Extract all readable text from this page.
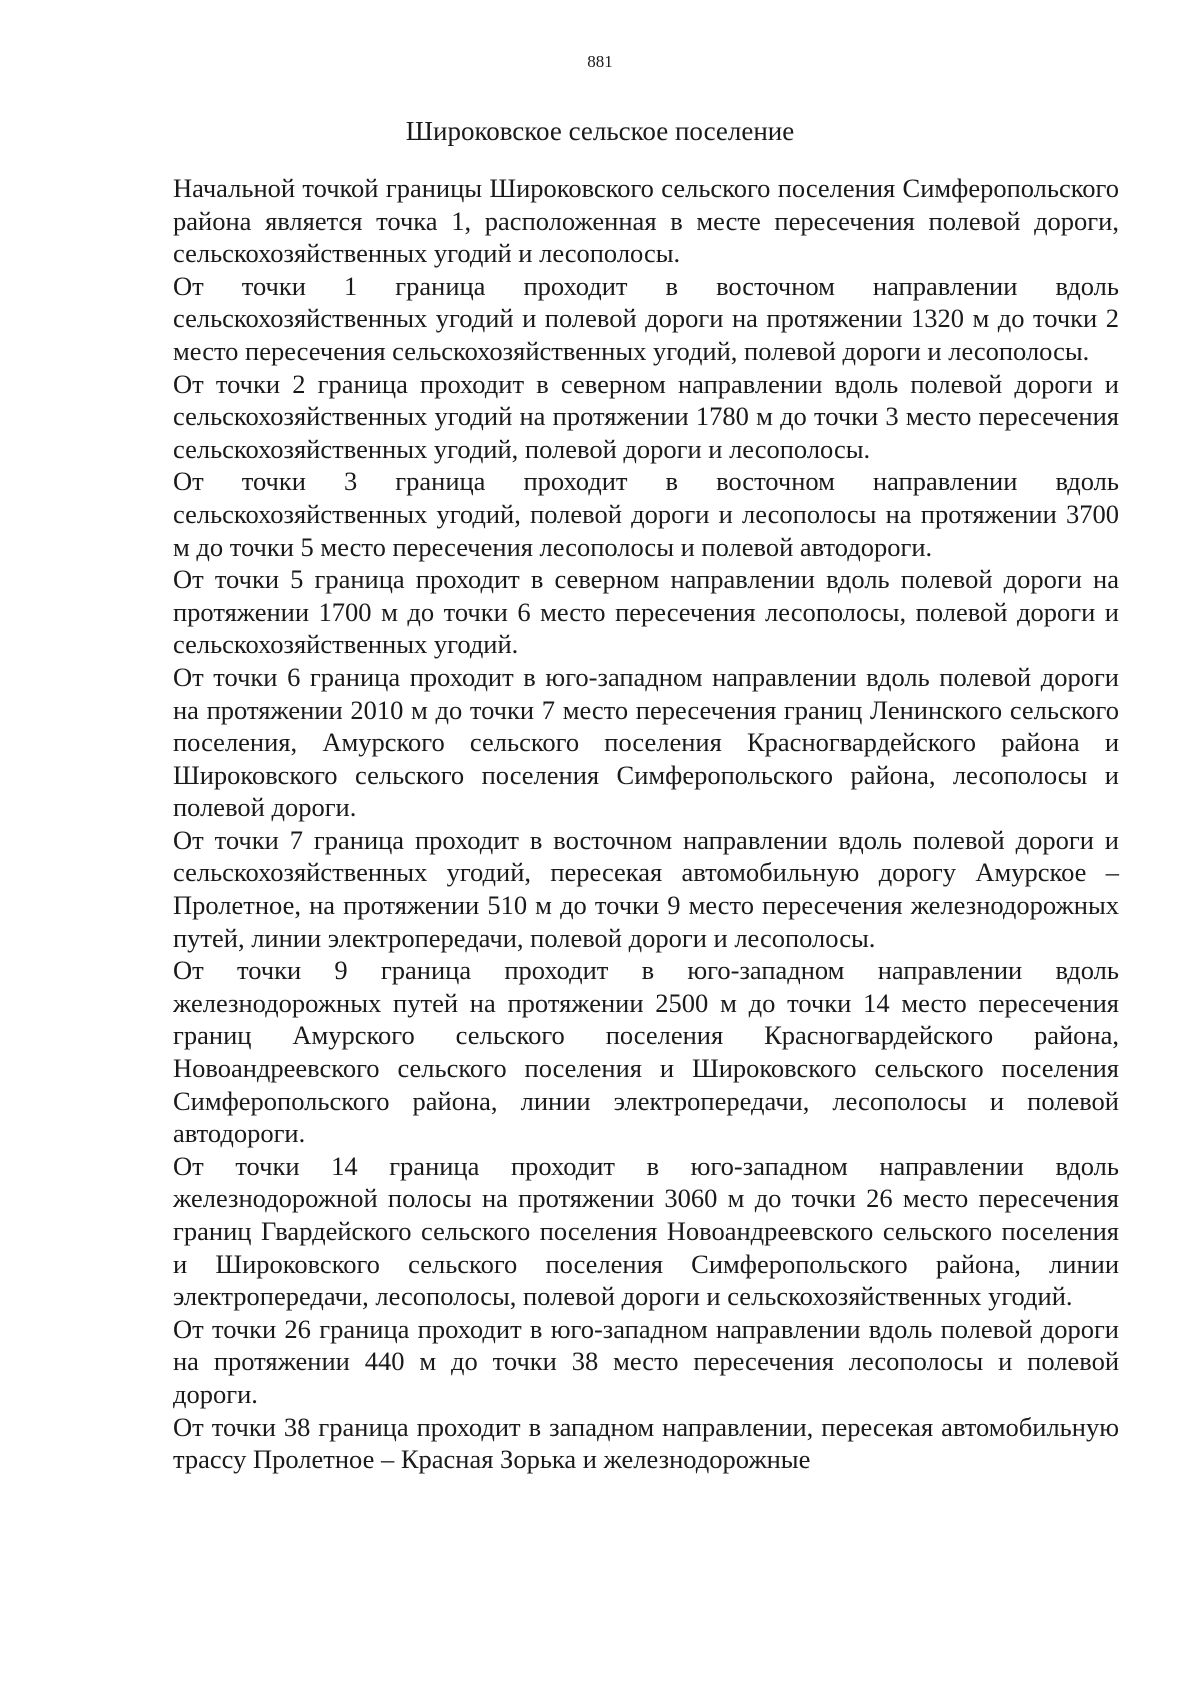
881
Широковское сельское поселение

Начальной точкой границы Широковского сельского поселения Симферопольского района является точка 1, расположенная в месте пересечения полевой дороги, сельскохозяйственных угодий и лесополосы.

От точки 1 граница проходит в восточном направлении вдоль сельскохозяйственных угодий и полевой дороги на протяжении 1320 м до точки 2 место пересечения сельскохозяйственных угодий, полевой дороги и лесополосы.

От точки 2 граница проходит в северном направлении вдоль полевой дороги и сельскохозяйственных угодий на протяжении 1780 м до точки 3 место пересечения сельскохозяйственных угодий, полевой дороги и лесополосы.

От точки 3 граница проходит в восточном направлении вдоль сельскохозяйственных угодий, полевой дороги и лесополосы на протяжении 3700 м до точки 5 место пересечения лесополосы и полевой автодороги.

От точки 5 граница проходит в северном направлении вдоль полевой дороги на протяжении 1700 м до точки 6 место пересечения лесополосы, полевой дороги и сельскохозяйственных угодий.

От точки 6 граница проходит в юго-западном направлении вдоль полевой дороги на протяжении 2010 м до точки 7 место пересечения границ Ленинского сельского поселения, Амурского сельского поселения Красногвардейского района и Широковского сельского поселения Симферопольского района, лесополосы и полевой дороги.

От точки 7 граница проходит в восточном направлении вдоль полевой дороги и сельскохозяйственных угодий, пересекая автомобильную дорогу Амурское – Пролетное, на протяжении 510 м до точки 9 место пересечения железнодорожных путей, линии электропередачи, полевой дороги и лесополосы.

От точки 9 граница проходит в юго-западном направлении вдоль железнодорожных путей на протяжении 2500 м до точки 14 место пересечения границ Амурского сельского поселения Красногвардейского района, Новоандреевского сельского поселения и Широковского сельского поселения Симферопольского района, линии электропередачи, лесополосы и полевой автодороги.

От точки 14 граница проходит в юго-западном направлении вдоль железнодорожной полосы на протяжении 3060 м до точки 26 место пересечения границ Гвардейского сельского поселения Новоандреевского сельского поселения и Широковского сельского поселения Симферопольского района, линии электропередачи, лесополосы, полевой дороги и сельскохозяйственных угодий.

От точки 26 граница проходит в юго-западном направлении вдоль полевой дороги на протяжении 440 м до точки 38 место пересечения лесополосы и полевой дороги.

От точки 38 граница проходит в западном направлении, пересекая автомобильную трассу Пролетное – Красная Зорька и железнодорожные
